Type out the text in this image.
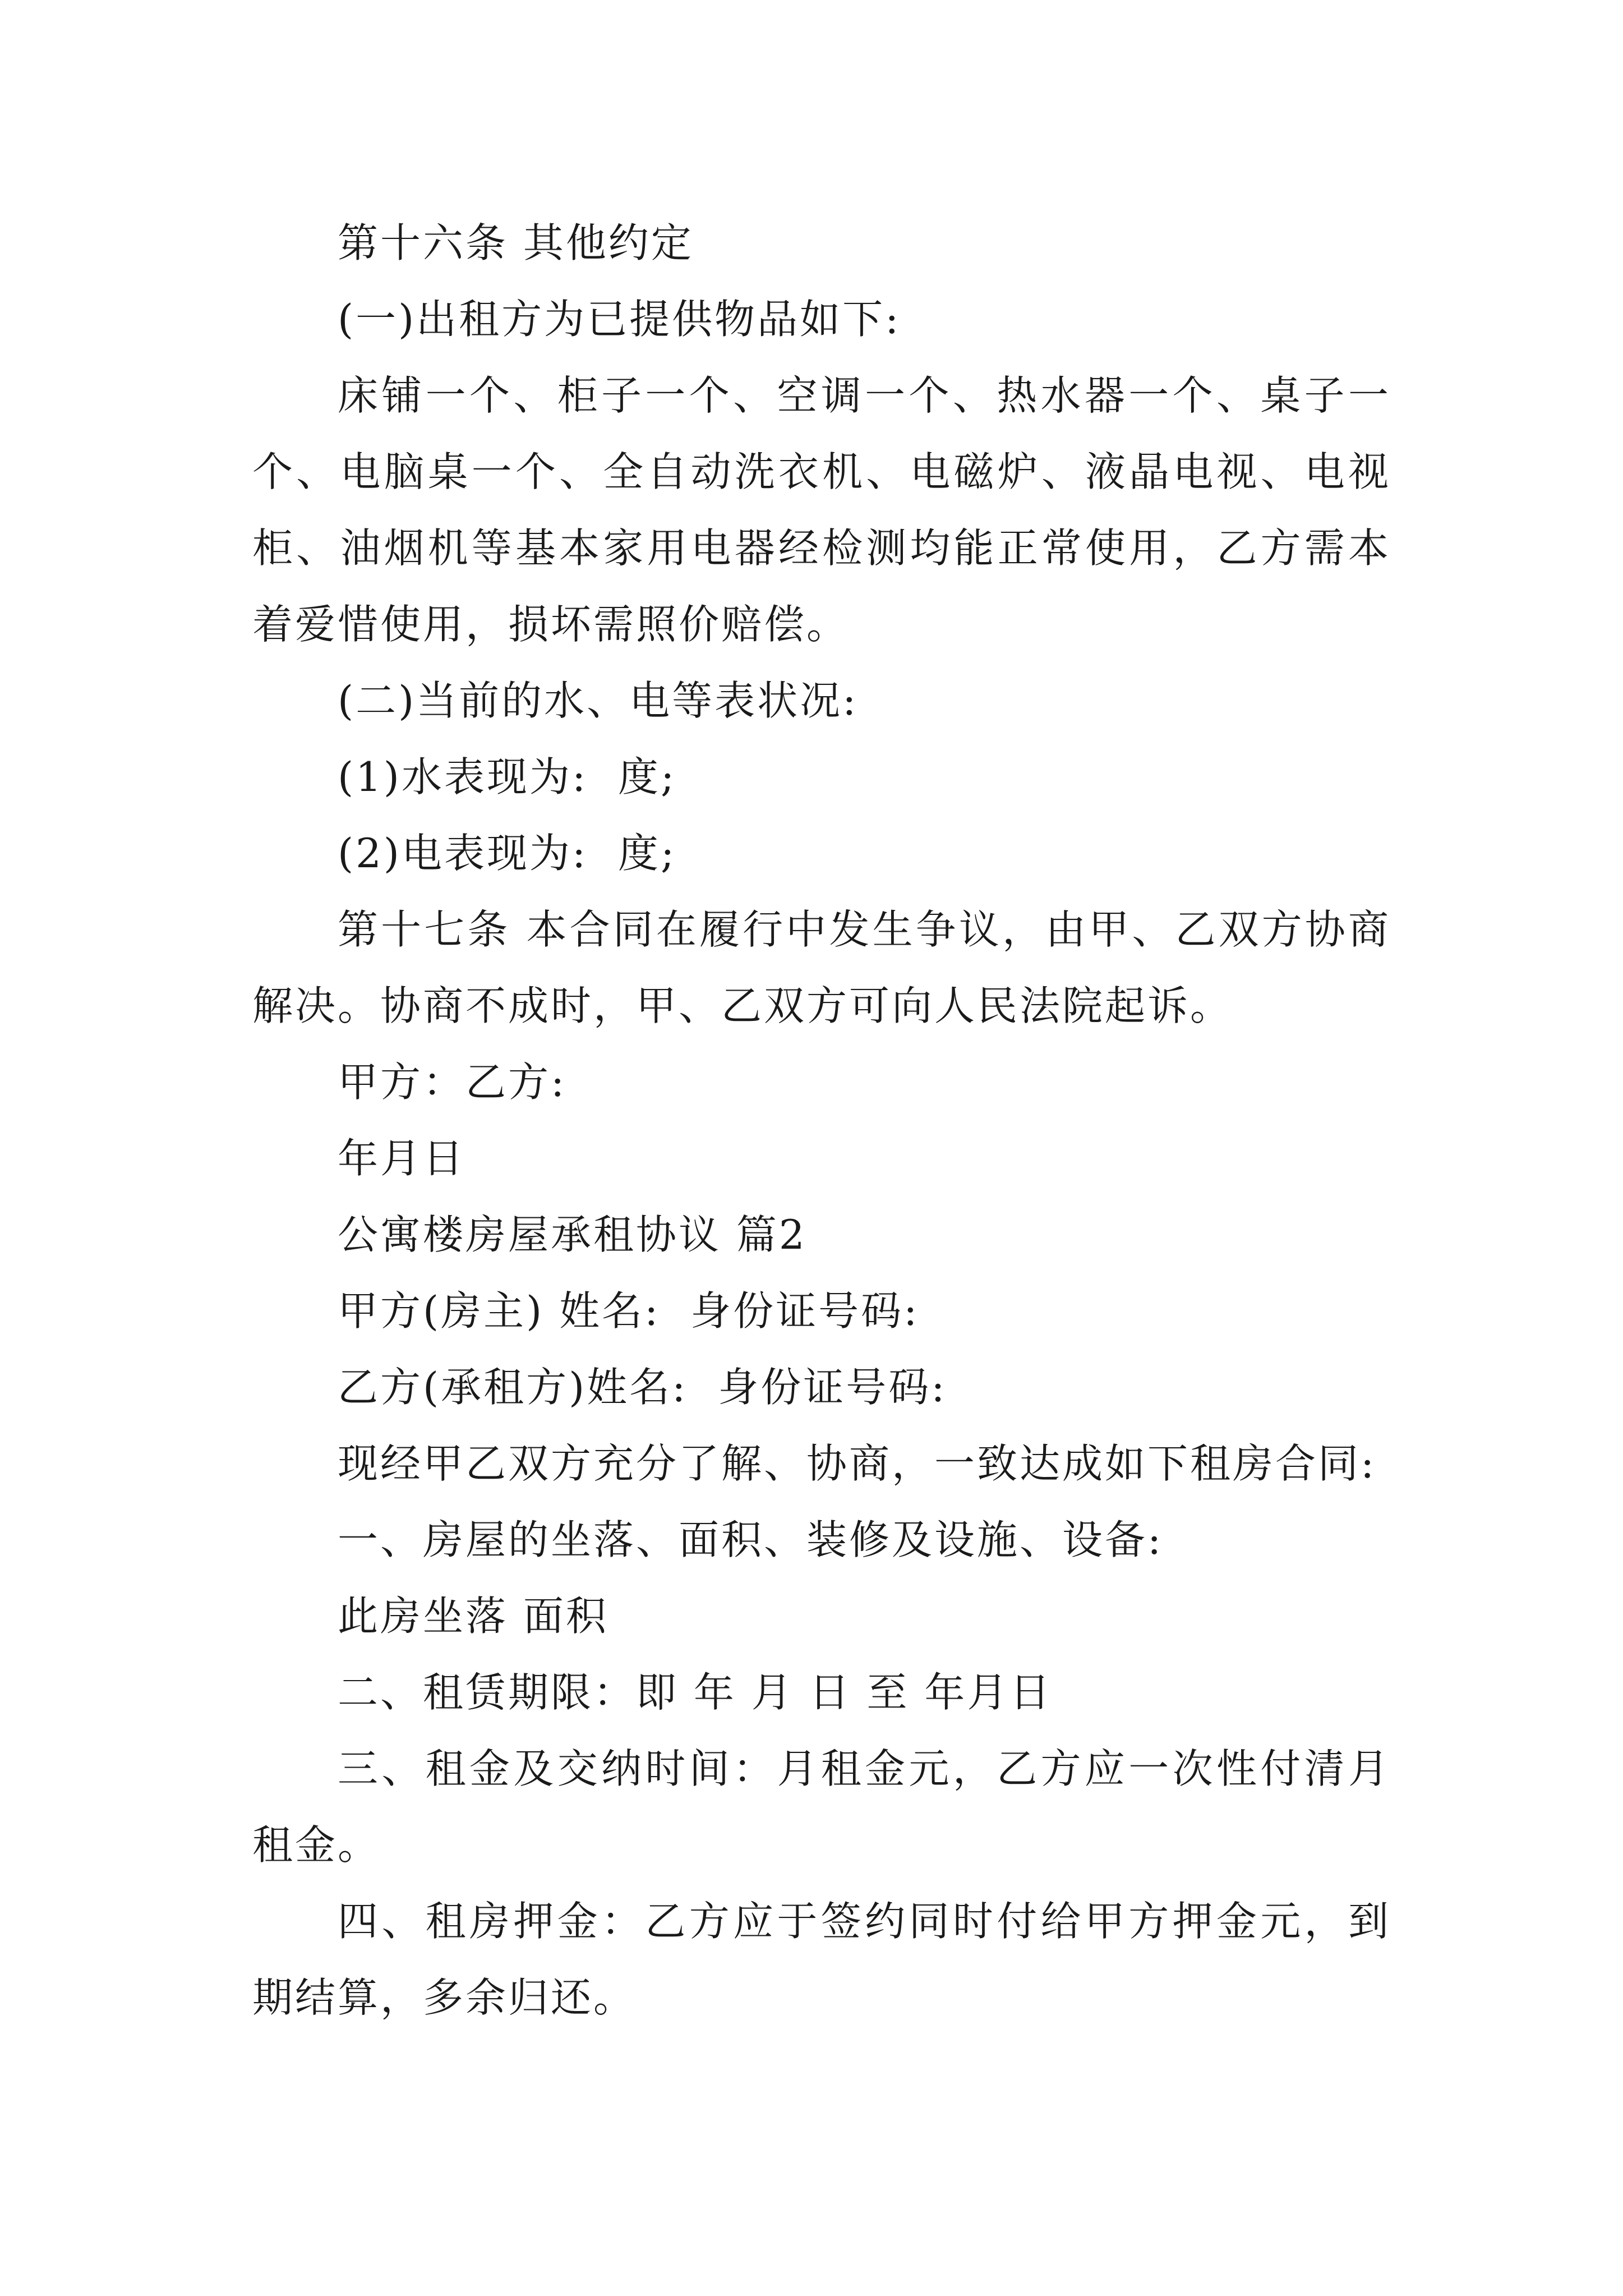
第十六条 其他约定

(一)出租方为已提供物品如下:

床铺一个、柜子一个、空调一个、热水器一个、桌子一个、电脑桌一个、全自动洗衣机、电磁炉、液晶电视、电视柜、油烟机等基本家用电器经检测均能正常使用，乙方需本着爱惜使用，损坏需照价赔偿。

(二)当前的水、电等表状况:

(1)水表现为:  度;

(2)电表现为:  度;

第十七条 本合同在履行中发生争议，由甲、乙双方协商解决。协商不成时，甲、乙双方可向人民法院起诉。

甲方：乙方:

年月日

公寓楼房屋承租协议 篇2

甲方(房主) 姓名:  身份证号码:

乙方(承租方)姓名:  身份证号码:

现经甲乙双方充分了解、协商，一致达成如下租房合同:

一、房屋的坐落、面积、装修及设施、设备:

此房坐落 面积

二、租赁期限：即 年 月 日 至 年月日

三、租金及交纳时间：月租金元，乙方应一次性付清月租金。

四、租房押金：乙方应于签约同时付给甲方押金元，到期结算，多余归还。
